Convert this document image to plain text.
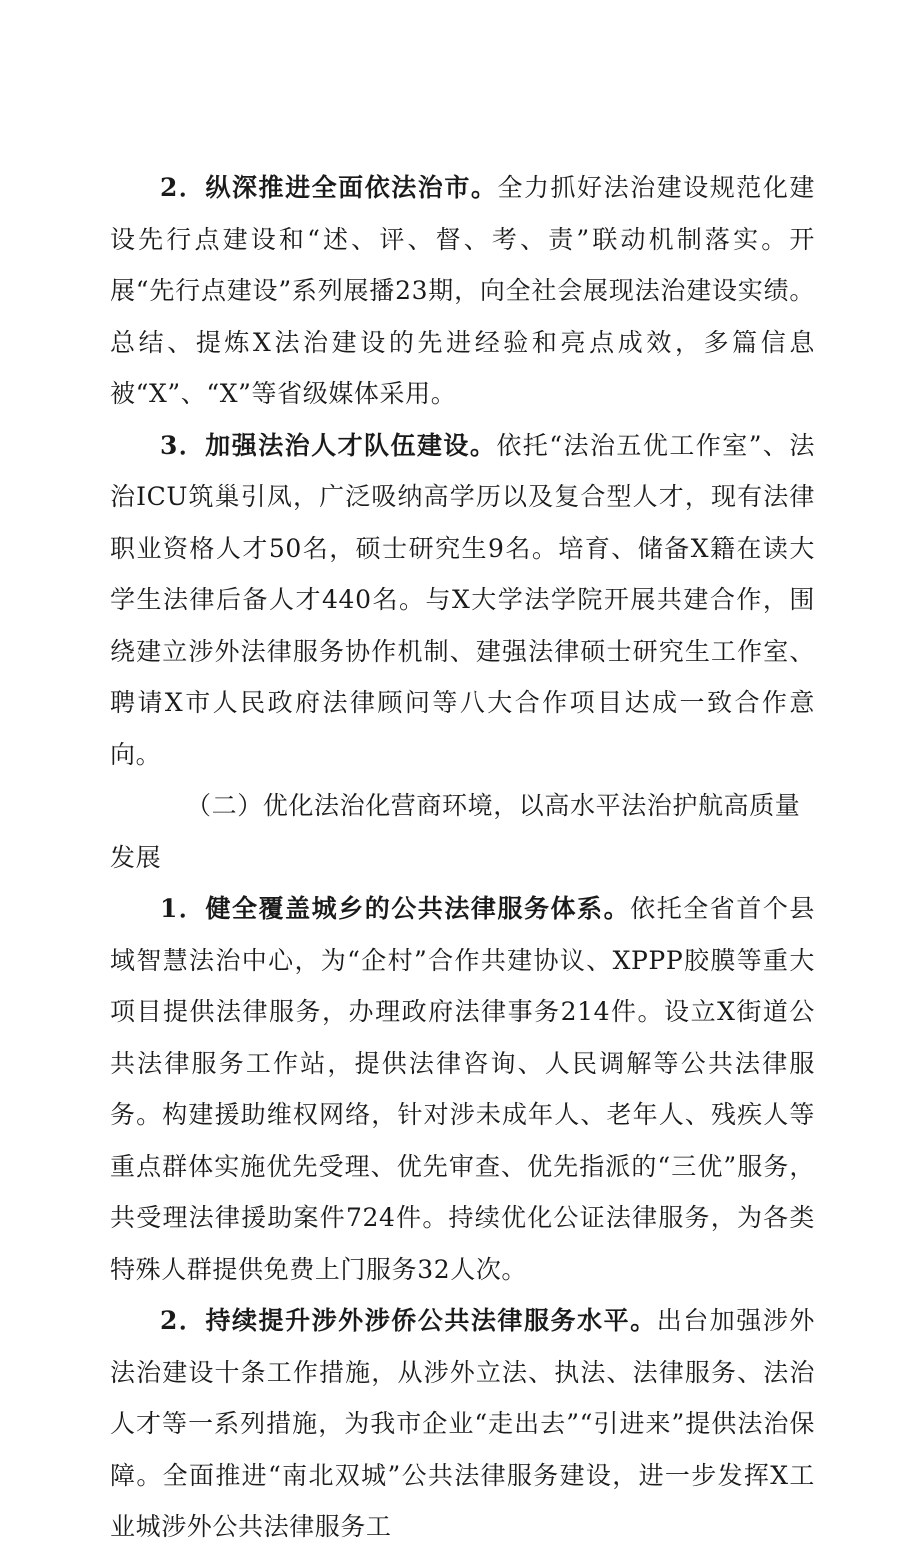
2．纵深推进全面依法治市。全力抓好法治建设规范化建设先行点建设和“述、评、督、考、责”联动机制落实。开展“先行点建设”系列展播23期，向全社会展现法治建设实绩。总结、提炼X法治建设的先进经验和亮点成效，多篇信息被“X”、“X”等省级媒体采用。

3．加强法治人才队伍建设。依托“法治五优工作室”、法治ICU筑巢引凤，广泛吸纳高学历以及复合型人才，现有法律职业资格人才50名，硕士研究生9名。培育、储备X籍在读大学生法律后备人才440名。与X大学法学院开展共建合作，围绕建立涉外法律服务协作机制、建强法律硕士研究生工作室、聘请X市人民政府法律顾问等八大合作项目达成一致合作意向。

（二）优化法治化营商环境，以高水平法治护航高质量发展

1．健全覆盖城乡的公共法律服务体系。依托全省首个县域智慧法治中心，为“企村”合作共建协议、XPPP胶膜等重大项目提供法律服务，办理政府法律事务214件。设立X街道公共法律服务工作站，提供法律咨询、人民调解等公共法律服务。构建援助维权网络，针对涉未成年人、老年人、残疾人等重点群体实施优先受理、优先审查、优先指派的“三优”服务，共受理法律援助案件724件。持续优化公证法律服务，为各类特殊人群提供免费上门服务32人次。

2．持续提升涉外涉侨公共法律服务水平。出台加强涉外法治建设十条工作措施，从涉外立法、执法、法律服务、法治人才等一系列措施，为我市企业“走出去”“引进来”提供法治保障。全面推进“南北双城”公共法律服务建设，进一步发挥X工业城涉外公共法律服务工
